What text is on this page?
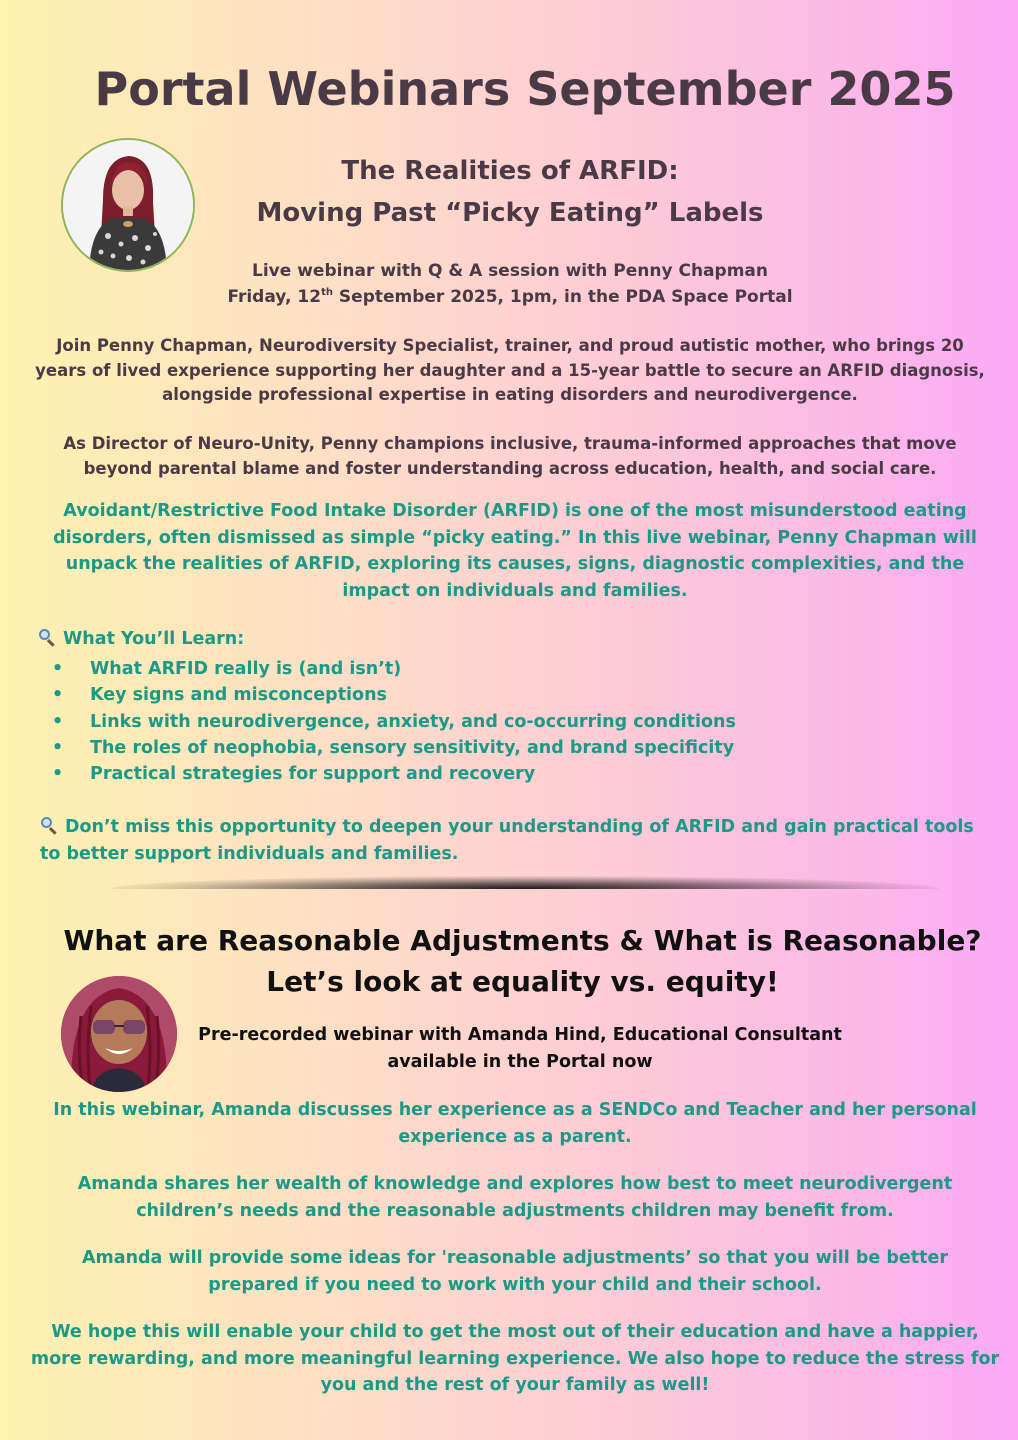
Portal Webinars September 2025
The Realities of ARFID:
Moving Past “Picky Eating” Labels
Live webinar with Q & A session with Penny Chapman
Friday, 12th September 2025, 1pm, in the PDA Space Portal
Join Penny Chapman, Neurodiversity Specialist, trainer, and proud autistic mother, who brings 20 years of lived experience supporting her daughter and a 15-year battle to secure an ARFID diagnosis, alongside professional expertise in eating disorders and neurodivergence.
As Director of Neuro-Unity, Penny champions inclusive, trauma-informed approaches that move beyond parental blame and foster understanding across education, health, and social care.
Avoidant/Restrictive Food Intake Disorder (ARFID) is one of the most misunderstood eating disorders, often dismissed as simple “picky eating.” In this live webinar, Penny Chapman will unpack the realities of ARFID, exploring its causes, signs, diagnostic complexities, and the impact on individuals and families.
What You’ll Learn:
• What ARFID really is (and isn’t)
• Key signs and misconceptions
• Links with neurodivergence, anxiety, and co-occurring conditions
• The roles of neophobia, sensory sensitivity, and brand specificity
• Practical strategies for support and recovery
Don’t miss this opportunity to deepen your understanding of ARFID and gain practical tools to better support individuals and families.
What are Reasonable Adjustments & What is Reasonable?
Let’s look at equality vs. equity!
Pre-recorded webinar with Amanda Hind, Educational Consultant
available in the Portal now
In this webinar, Amanda discusses her experience as a SENDCo and Teacher and her personal experience as a parent.
Amanda shares her wealth of knowledge and explores how best to meet neurodivergent children’s needs and the reasonable adjustments children may benefit from.
Amanda will provide some ideas for 'reasonable adjustments’ so that you will be better prepared if you need to work with your child and their school.
We hope this will enable your child to get the most out of their education and have a happier, more rewarding, and more meaningful learning experience. We also hope to reduce the stress for you and the rest of your family as well!
